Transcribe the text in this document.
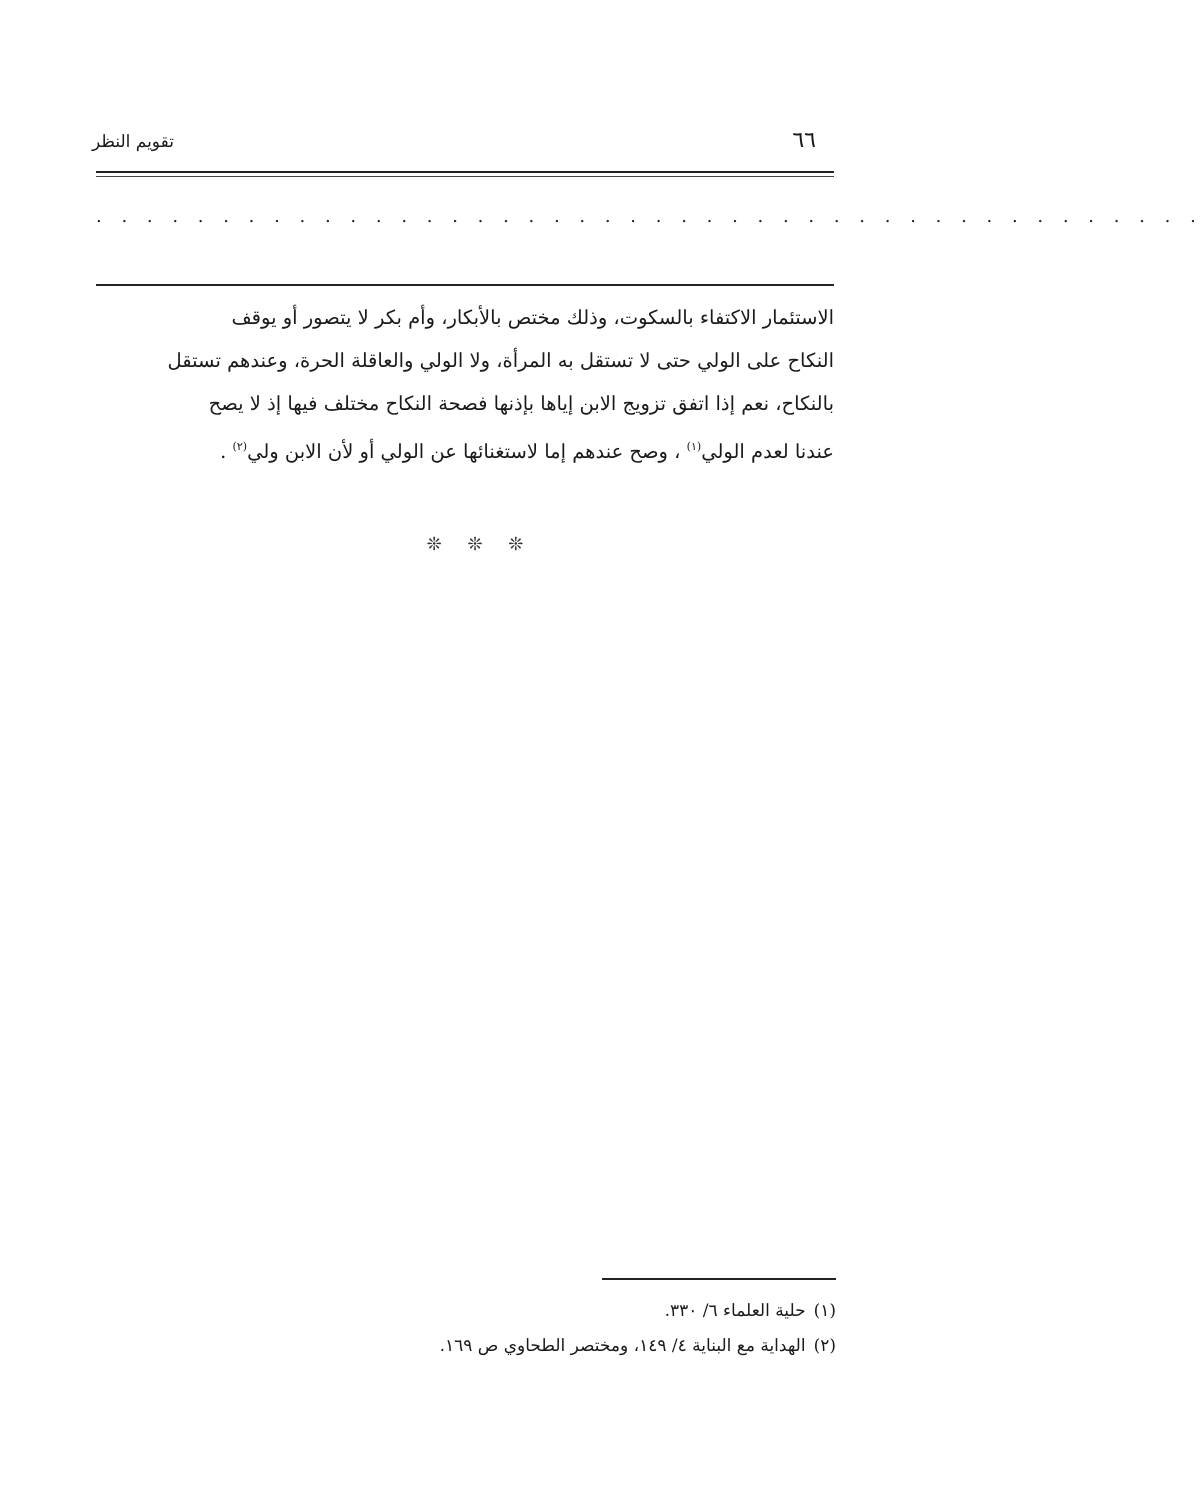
٦٦
تقويم النظر
. . . . . . . . . . . . . . . . . . . . . . . . . . . . . . . . . . . . . . . . . . . .
الاستئمار الاكتفاء بالسكوت، وذلك مختص بالأبكار، وأم بكر لا يتصور أو يوقف
النكاح على الولي حتى لا تستقل به المرأة، ولا الولي والعاقلة الحرة، وعندهم تستقل
بالنكاح، نعم إذا اتفق تزويج الابن إياها بإذنها فصحة النكاح مختلف فيها إذ لا يصح
عندنا لعدم الولي$^{(١)}$ ، وصح عندهم إما لاستغنائها عن الولي أو لأن الابن ولي$^{(٢)}$ .
❊ ❊ ❊
(١)حلية العلماء ٦/ ٣٣٠.
(٢)الهداية مع البناية ٤/ ١٤٩، ومختصر الطحاوي ص ١٦٩.
